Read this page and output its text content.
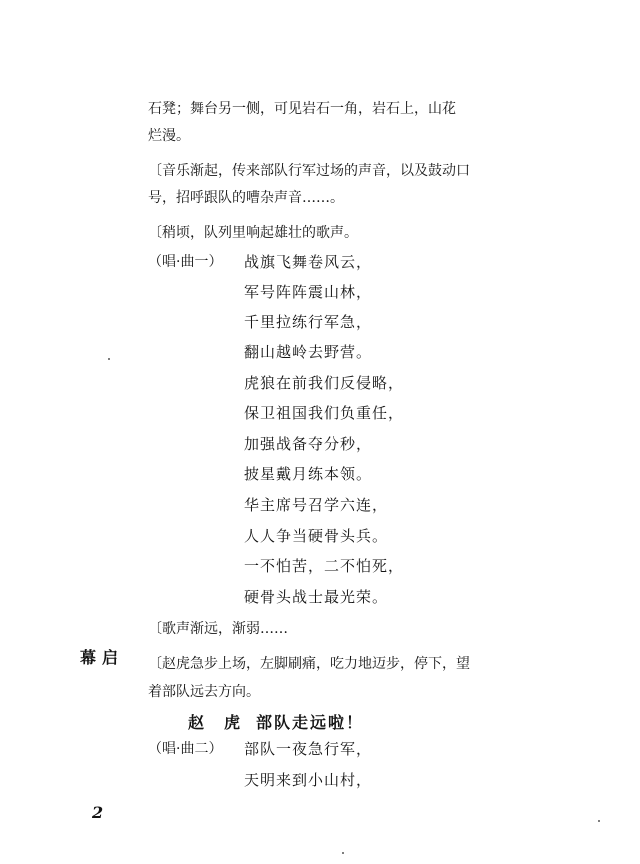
石凳；舞台另一侧，可见岩石一角，岩石上，山花
烂漫。
〔音乐渐起，传来部队行军过场的声音，以及鼓动口
号，招呼跟队的嘈杂声音……。
〔稍顷，队列里响起雄壮的歌声。
（唱·曲一） 战旗飞舞卷风云，
军号阵阵震山林，
千里拉练行军急，
翻山越岭去野营。
虎狼在前我们反侵略，
保卫祖国我们负重任，
加强战备夺分秒，
披星戴月练本领。
华主席号召学六连，
人人争当硬骨头兵。
一不怕苦，二不怕死，
硬骨头战士最光荣。
〔歌声渐远，渐弱……
幕启 〔赵虎急步上场，左脚刷痛，吃力地迈步，停下，望
着部队远去方向。
赵　虎 部队走远啦！
（唱·曲二） 部队一夜急行军，
天明来到小山村，
2
